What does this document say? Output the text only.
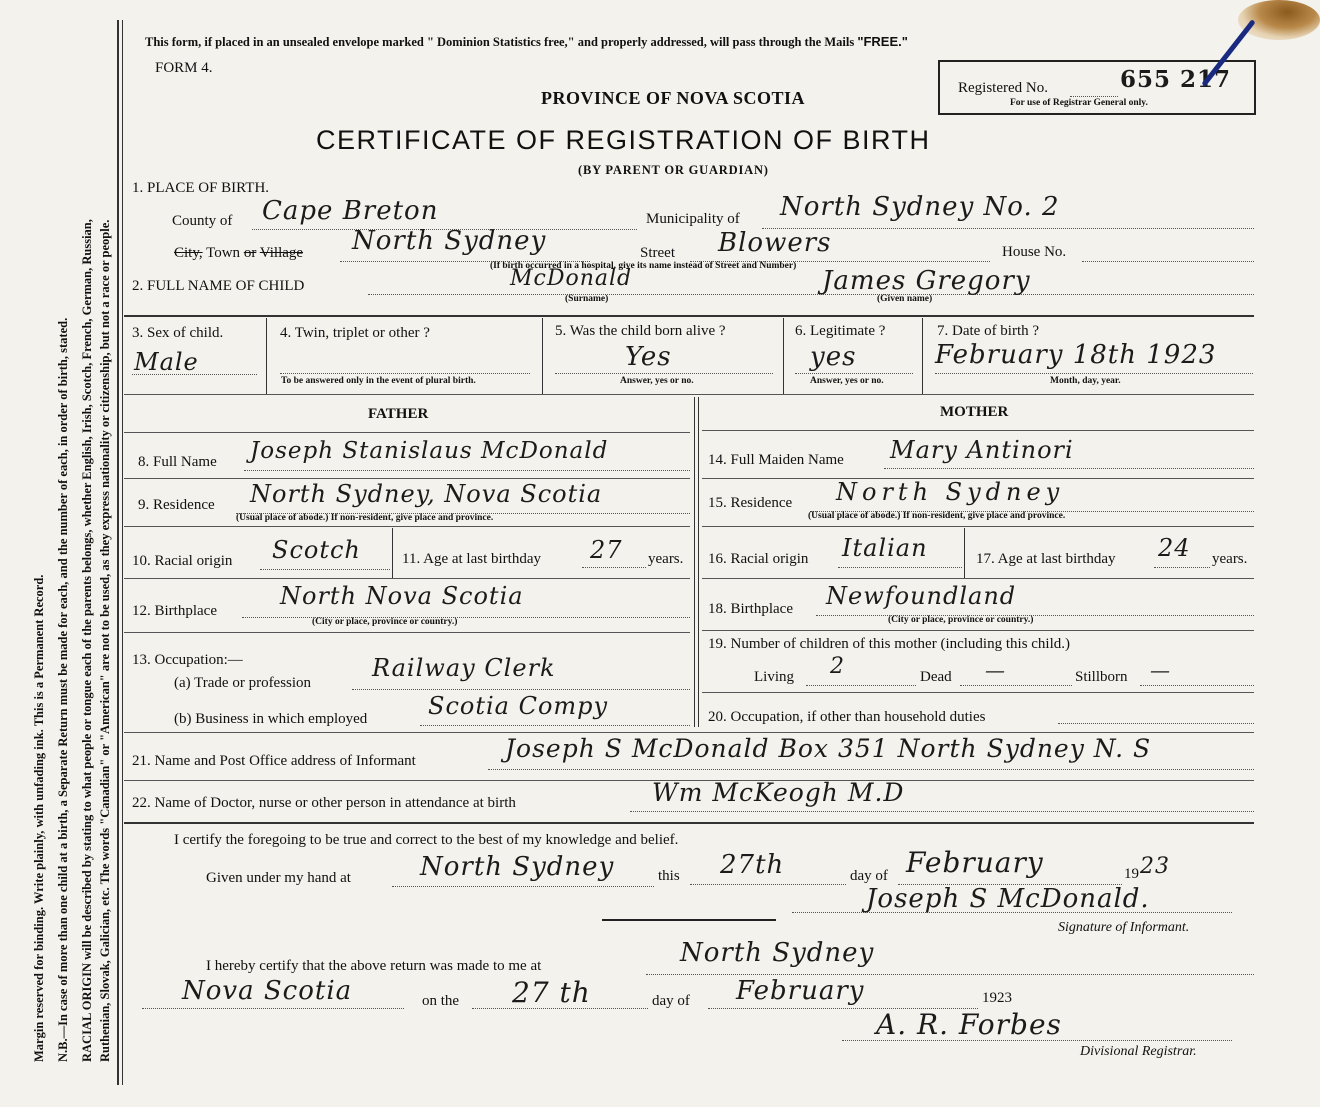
Margin reserved for binding. Write plainly, with unfading ink. This is a Permanent Record. N.B.—In case of more than one child at a birth, a Separate Return must be made for each, and the number of each, in order of birth, stated. RACIAL ORIGIN will be described by stating to what people or tongue each of the parents belongs, whether English, Irish, Scotch, French, German, Russian, Ruthenian, Slovak, Galician, etc. The words "Canadian" or "American" are not to be used, as they express nationality or citizenship, but not a race or people.
This form, if placed in an unsealed envelope marked " Dominion Statistics free," and properly addressed, will pass through the Mails "FREE."
FORM 4.
PROVINCE OF NOVA SCOTIA	Registered No.	655 217
For use of Registrar General only.
CERTIFICATE OF REGISTRATION OF BIRTH
(BY PARENT OR GUARDIAN)
1. PLACE OF BIRTH.
County of Cape Breton	Municipality of North Sydney No. 2
City, Town or Village North Sydney	Street Blowers	House No.
(If birth occurred in a hospital, give its name instead of Street and Number)
2. FULL NAME OF CHILD	McDonald
(Surname)
James Gregory
(Given name)
3. Sex of child.
Male
4. Twin, triplet or other ?
To be answered only in the event of plural birth.
5. Was the child born alive ?
Yes
Answer, yes or no.
6. Legitimate ?
yes
Answer, yes or no.
7. Date of birth ?
February 18th 1923
Month, day, year.
FATHER	MOTHER
8. Full Name Joseph Stanislaus McDonald
9. Residence North Sydney, Nova Scotia
(Usual place of abode.) If non-resident, give place and province.
10. Racial origin Scotch	11. Age at last birthday 27 years.
12. Birthplace
North Nova Scotia
(City or place, province or country.)
13. Occupation:—
(a) Trade or profession
Railway Clerk
(b) Business in which employed	Scotia Compy
14. Full Maiden Name Mary Antinori
15. Residence North Sydney
(Usual place of abode.) If non-resident, give place and province.
16. Racial origin Italian	17. Age at last birthday 24 years.
18. Birthplace Newfoundland
(City or place, province or country.)
19. Number of children of this mother (including this child.)
Living 2	Dead —	Stillborn —
20. Occupation, if other than household duties
21. Name and Post Office address of Informant	Joseph S McDonald Box 351 North Sydney N. S
22. Name of Doctor, nurse or other person in attendance at birth	Wm McKeogh M.D
I certify the foregoing to be true and correct to the best of my knowledge and belief.
Given under my hand at	North Sydney	this 27th	day of February	19 23
Joseph S McDonald.
Signature of Informant.
I hereby certify that the above return was made to me at	North Sydney
Nova Scotia	on the 27 th	day of February	1923
A. R. Forbes
Divisional Registrar.
